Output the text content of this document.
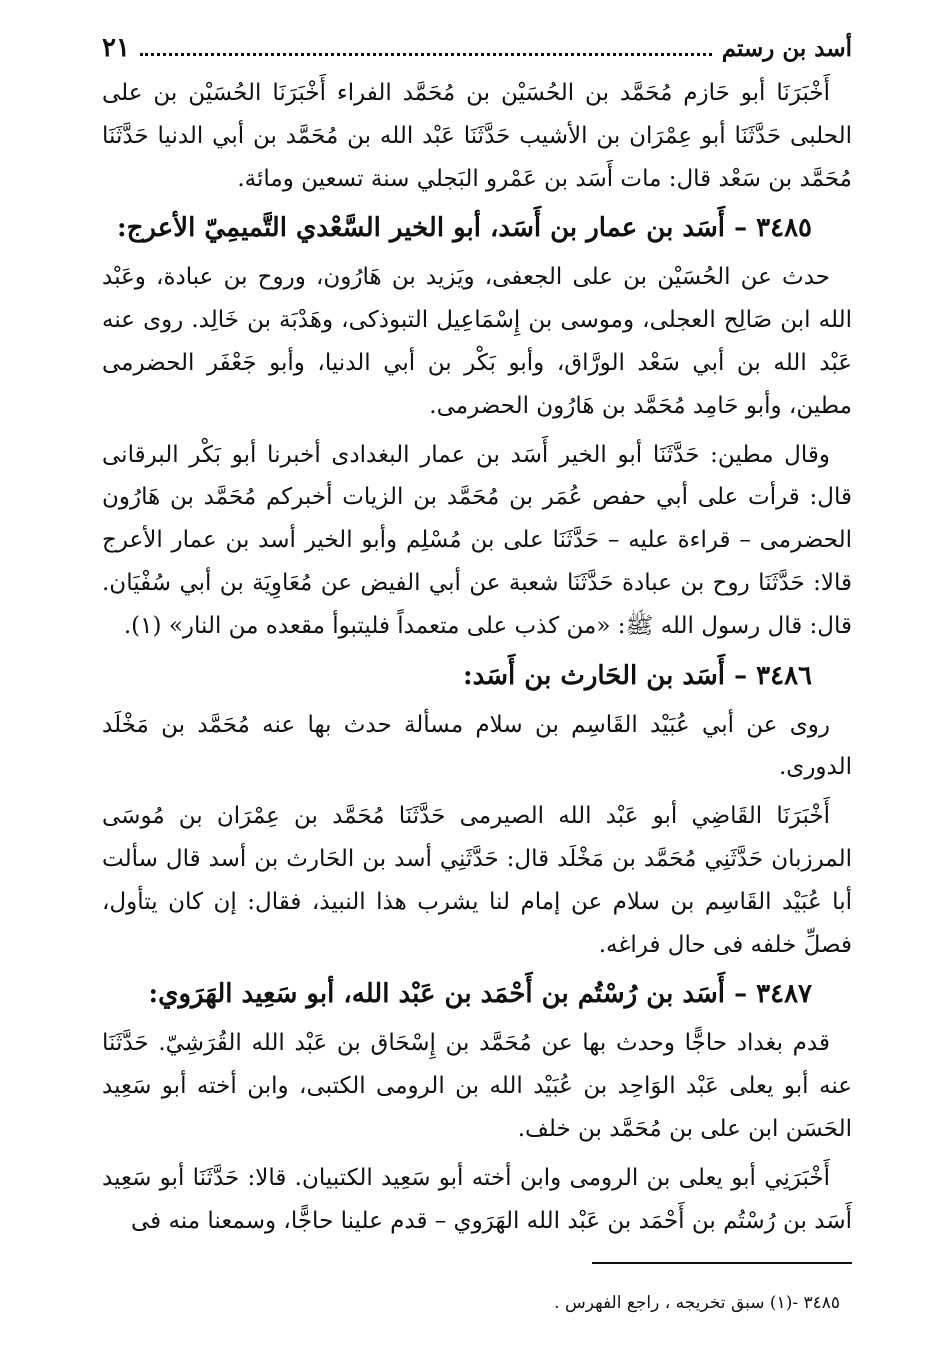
أسد بن رستم
٢١

أَخْبَرَنَا أبو حَازم مُحَمَّد بن الحُسَيْن بن مُحَمَّد الفراء أَخْبَرَنَا الحُسَيْن بن على الحلبى حَدَّثَنَا أبو عِمْرَان بن الأشيب حَدَّثَنَا عَبْد الله بن مُحَمَّد بن أبي الدنيا حَدَّثَنَا مُحَمَّد بن سَعْد قال: مات أَسَد بن عَمْرو البَجلي سنة تسعين ومائة.

٣٤٨٥ – أَسَد بن عمار بن أَسَد، أبو الخير السَّعْدي التَّميمِيّ الأعرج:

حدث عن الحُسَيْن بن على الجعفى، ويَزيد بن هَارُون، وروح بن عبادة، وعَبْد الله ابن صَالِح العجلى، وموسى بن إِسْمَاعِيل التبوذكى، وهَدْبَة بن خَالِد. روى عنه عَبْد الله بن أبي سَعْد الورَّاق، وأبو بَكْر بن أبي الدنيا، وأبو جَعْفَر الحضرمى مطين، وأبو حَامِد مُحَمَّد بن هَارُون الحضرمى.

وقال مطين: حَدَّثَنَا أبو الخير أَسَد بن عمار البغدادى أخبرنا أبو بَكْر البرقانى قال: قرأت على أبي حفص عُمَر بن مُحَمَّد بن الزيات أخبركم مُحَمَّد بن هَارُون الحضرمى – قراءة عليه – حَدَّثَنَا على بن مُسْلِم وأبو الخير أسد بن عمار الأعرج قالا: حَدَّثَنَا روح بن عبادة حَدَّثَنَا شعبة عن أبي الفيض عن مُعَاوِيَة بن أبي سُفْيَان. قال: قال رسول الله ﷺ: «من كذب على متعمداً فليتبوأ مقعده من النار» (١).

٣٤٨٦ – أَسَد بن الحَارث بن أَسَد:

روى عن أبي عُبَيْد القَاسِم بن سلام مسألة حدث بها عنه مُحَمَّد بن مَخْلَد الدورى.

أَخْبَرَنَا القَاضِي أبو عَبْد الله الصيرمى حَدَّثَنَا مُحَمَّد بن عِمْرَان بن مُوسَى المرزبان حَدَّثَنِي مُحَمَّد بن مَخْلَد قال: حَدَّثَنِي أسد بن الحَارث بن أسد قال سألت أبا عُبَيْد القَاسِم بن سلام عن إمام لنا يشرب هذا النبيذ، فقال: إن كان يتأول، فصلِّ خلفه فى حال فراغه.

٣٤٨٧ – أَسَد بن رُسْتُم بن أَحْمَد بن عَبْد الله، أبو سَعِيد الهَرَوي:

قدم بغداد حاجًّا وحدث بها عن مُحَمَّد بن إِسْحَاق بن عَبْد الله القُرَشِيّ. حَدَّثَنَا عنه أبو يعلى عَبْد الوَاحِد بن عُبَيْد الله بن الرومى الكتبى، وابن أخته أبو سَعِيد الحَسَن ابن على بن مُحَمَّد بن خلف.

أَخْبَرَنِي أبو يعلى بن الرومى وابن أخته أبو سَعِيد الكتبيان. قالا: حَدَّثَنَا أبو سَعِيد أَسَد بن رُسْتُم بن أَحْمَد بن عَبْد الله الهَرَوي – قدم علينا حاجًّا، وسمعنا منه فى

٣٤٨٥ -(١) سبق تخريجه ، راجع الفهرس .
